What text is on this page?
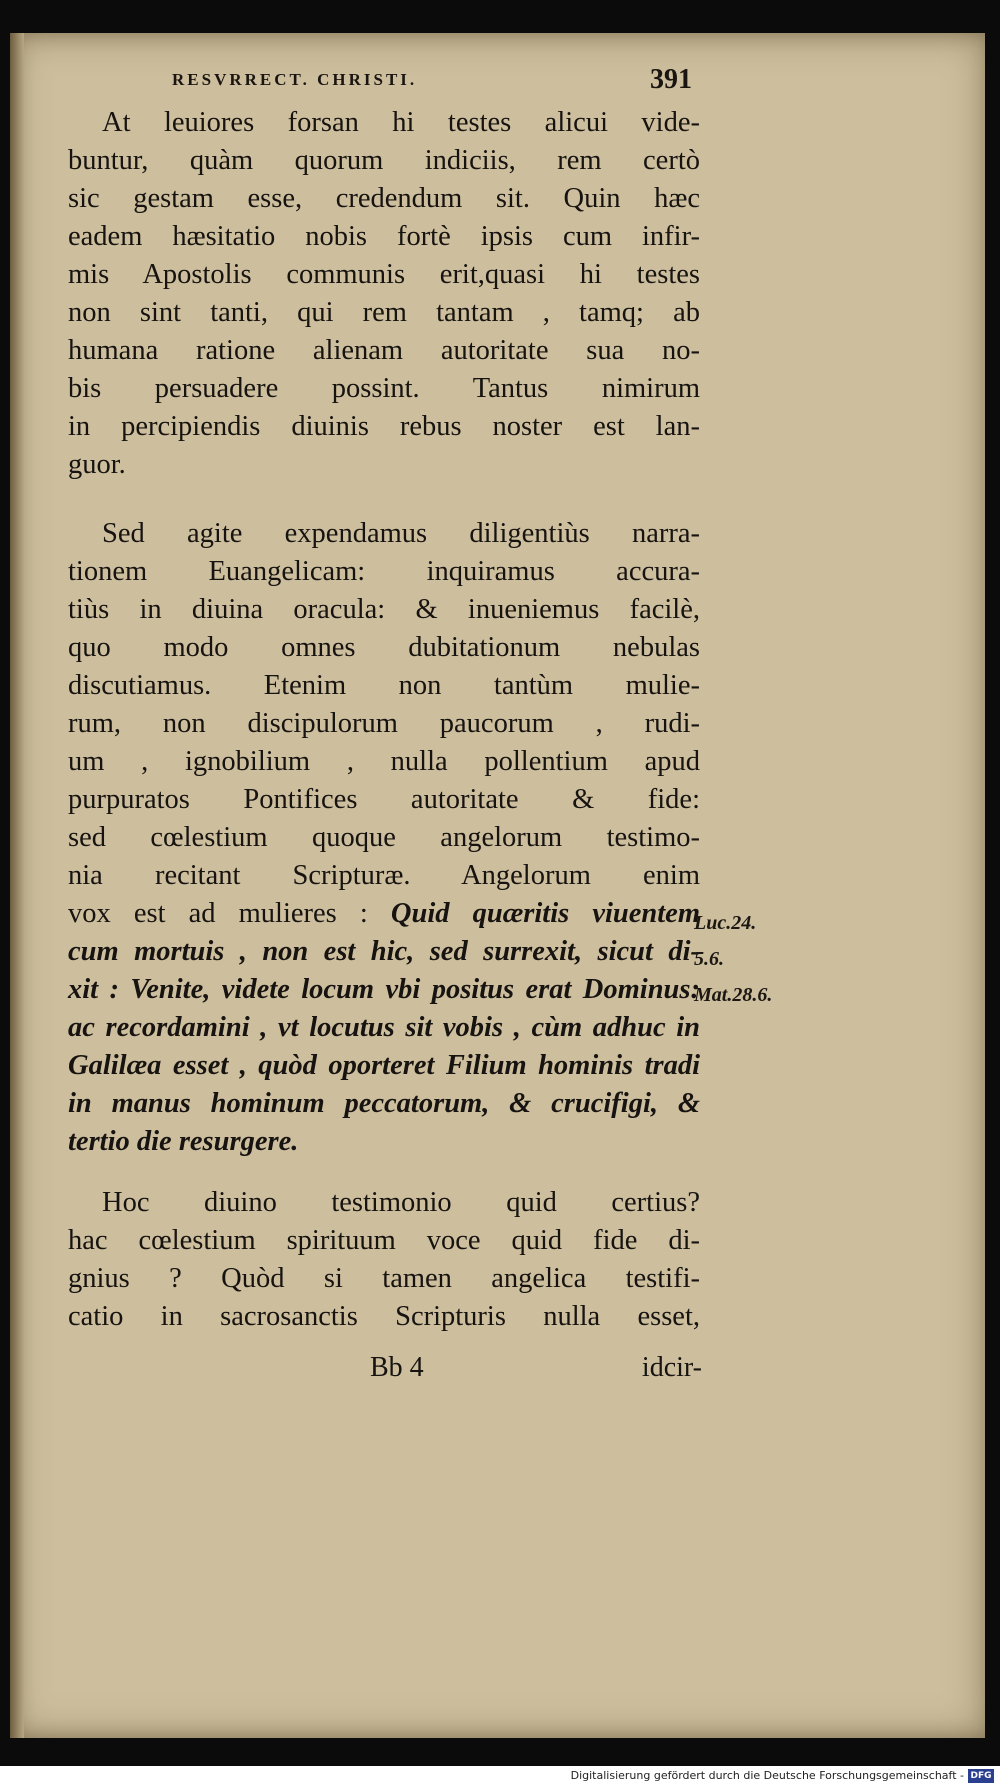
RESVRRECT. CHRISTI.	391
At leuiores forsan hi testes alicui vide-
buntur, quàm quorum indiciis, rem certò
sic gestam esse, credendum sit. Quin hæc
eadem hæsitatio nobis fortè ipsis cum infir-
mis Apostolis communis erit,quasi hi testes
non sint tanti, qui rem tantam , tamq; ab
humana ratione alienam autoritate sua no-
bis persuadere possint. Tantus nimirum
in percipiendis diuinis rebus noster est lan-
guor.
Sed agite expendamus diligentiùs narra-
tionem Euangelicam: inquiramus accura-
tiùs in diuina oracula: & inueniemus facilè,
quo modo omnes dubitationum nebulas
discutiamus. Etenim non tantùm mulie-
rum, non discipulorum paucorum , rudi-
um , ignobilium , nulla pollentium apud
purpuratos Pontifices autoritate & fide:
sed cœlestium quoque angelorum testimo-
nia recitant Scripturæ. Angelorum enim
vox est ad mulieres : Quid quæritis viuentem
cum mortuis , non est hic, sed surrexit, sicut di-
xit : Venite, videte locum vbi positus erat Dominus:
ac recordamini , vt locutus sit vobis , cùm adhuc in
Galilæa esset , quòd oporteret Filium hominis tradi
in manus hominum peccatorum, & crucifigi, &
tertio die resurgere.
Luc.24.
5.6.
Mat.28.6.
Hoc diuino testimonio quid certius?
hac cœlestium spirituum voce quid fide di-
gnius ? Quòd si tamen angelica testifi-
catio in sacrosanctis Scripturis nulla esset,
Bb 4	idcir-
Digitalisierung gefördert durch die Deutsche Forschungsgemeinschaft - DFG
